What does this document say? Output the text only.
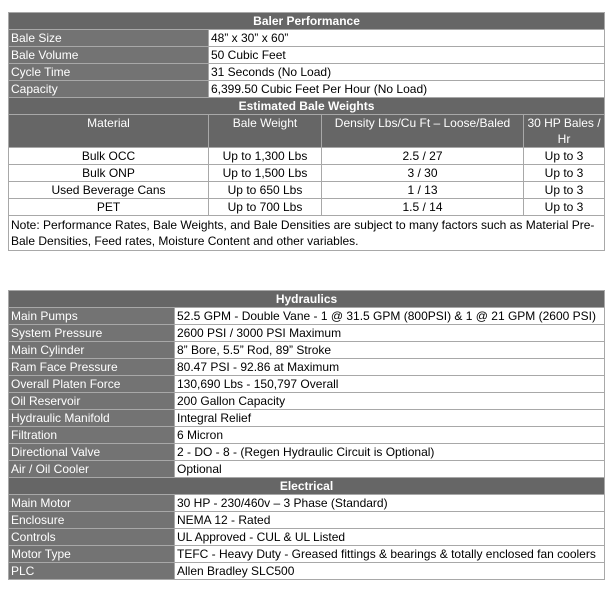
Baler Performance			
Bale Size	48” x 30” x 60”		
Bale Volume	50 Cubic Feet		
Cycle Time	31 Seconds (No Load)		
Capacity	6,399.50 Cubic Feet Per Hour (No Load)		
Estimated Bale Weights			
Material	Bale Weight	Density Lbs/Cu Ft – Loose/Baled	30 HP Bales / Hr
Bulk OCC	Up to 1,300 Lbs	2.5 / 27	Up to 3
Bulk ONP	Up to 1,500 Lbs	3 / 30	Up to 3
Used Beverage Cans	Up to 650 Lbs	1 / 13	Up to 3
PET	Up to 700 Lbs	1.5 / 14	Up to 3
Note: Performance Rates, Bale Weights, and Bale Densities are subject to many factors such as Material Pre-Bale Densities, Feed rates, Moisture Content and other variables.			
Hydraulics	
Main Pumps	52.5 GPM - Double Vane - 1 @ 31.5 GPM (800PSI) & 1 @ 21 GPM (2600 PSI)
System Pressure	2600 PSI / 3000 PSI Maximum
Main Cylinder	8” Bore, 5.5” Rod, 89” Stroke
Ram Face Pressure	80.47 PSI - 92.86 at Maximum
Overall Platen Force	130,690 Lbs - 150,797 Overall
Oil Reservoir	200 Gallon Capacity
Hydraulic Manifold	Integral Relief
Filtration	6 Micron
Directional Valve	2 - DO - 8 - (Regen Hydraulic Circuit is Optional)
Air / Oil Cooler	Optional
Electrical	
Main Motor	30 HP - 230/460v – 3 Phase (Standard)
Enclosure	NEMA 12 - Rated
Controls	UL Approved - CUL & UL Listed
Motor Type	TEFC - Heavy Duty - Greased fittings & bearings & totally enclosed fan coolers
PLC	Allen Bradley SLC500
